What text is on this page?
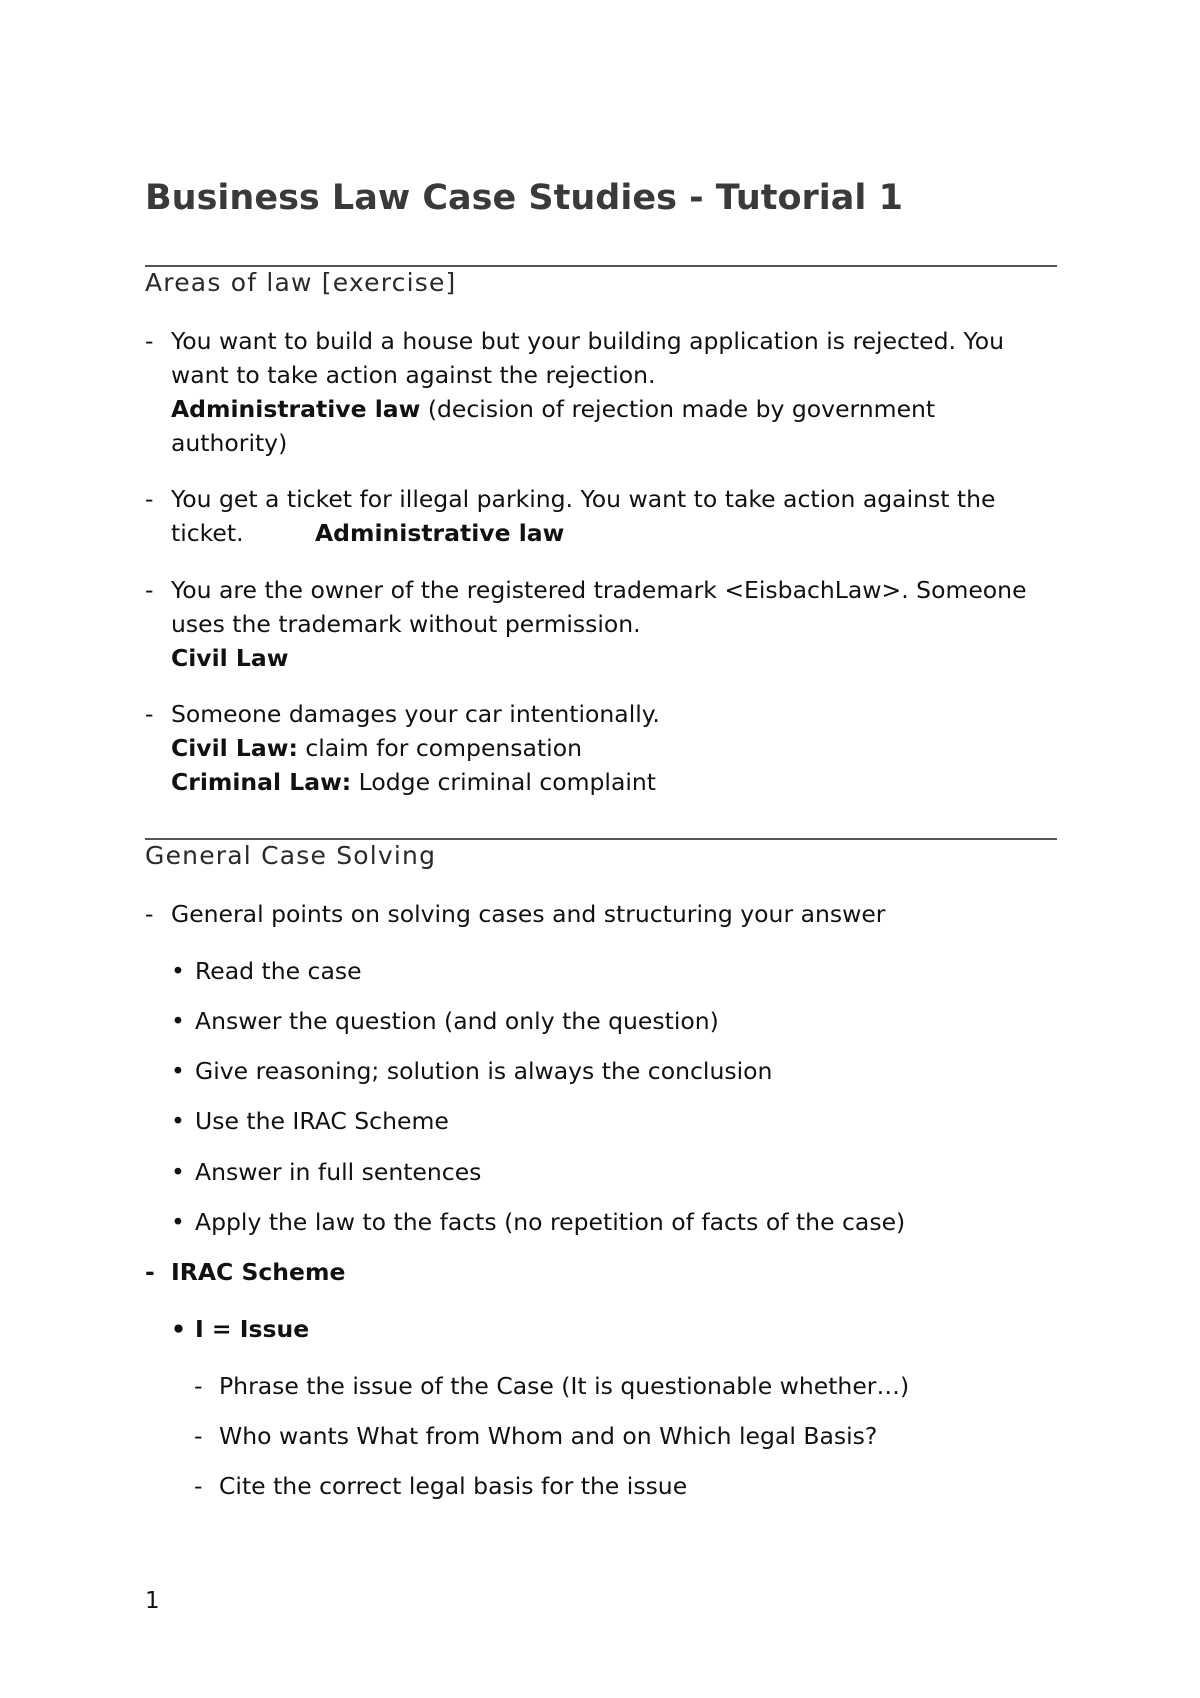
Business Law Case Studies - Tutorial 1
Areas of law [exercise]
- You want to build a house but your building application is rejected. You
want to take action against the rejection.
Administrative law (decision of rejection made by government
authority)
- You get a ticket for illegal parking. You want to take action against the
ticket.	Administrative law
- You are the owner of the registered trademark <EisbachLaw>. Someone
uses the trademark without permission.
Civil Law
- Someone damages your car intentionally.
Civil Law: claim for compensation
Criminal Law: Lodge criminal complaint
General Case Solving
- General points on solving cases and structuring your answer
• Read the case
• Answer the question (and only the question)
• Give reasoning; solution is always the conclusion
• Use the IRAC Scheme
• Answer in full sentences
• Apply the law to the facts (no repetition of facts of the case)
- IRAC Scheme
• I = Issue
- Phrase the issue of the Case (It is questionable whether…)
- Who wants What from Whom and on Which legal Basis?
- Cite the correct legal basis for the issue
1
